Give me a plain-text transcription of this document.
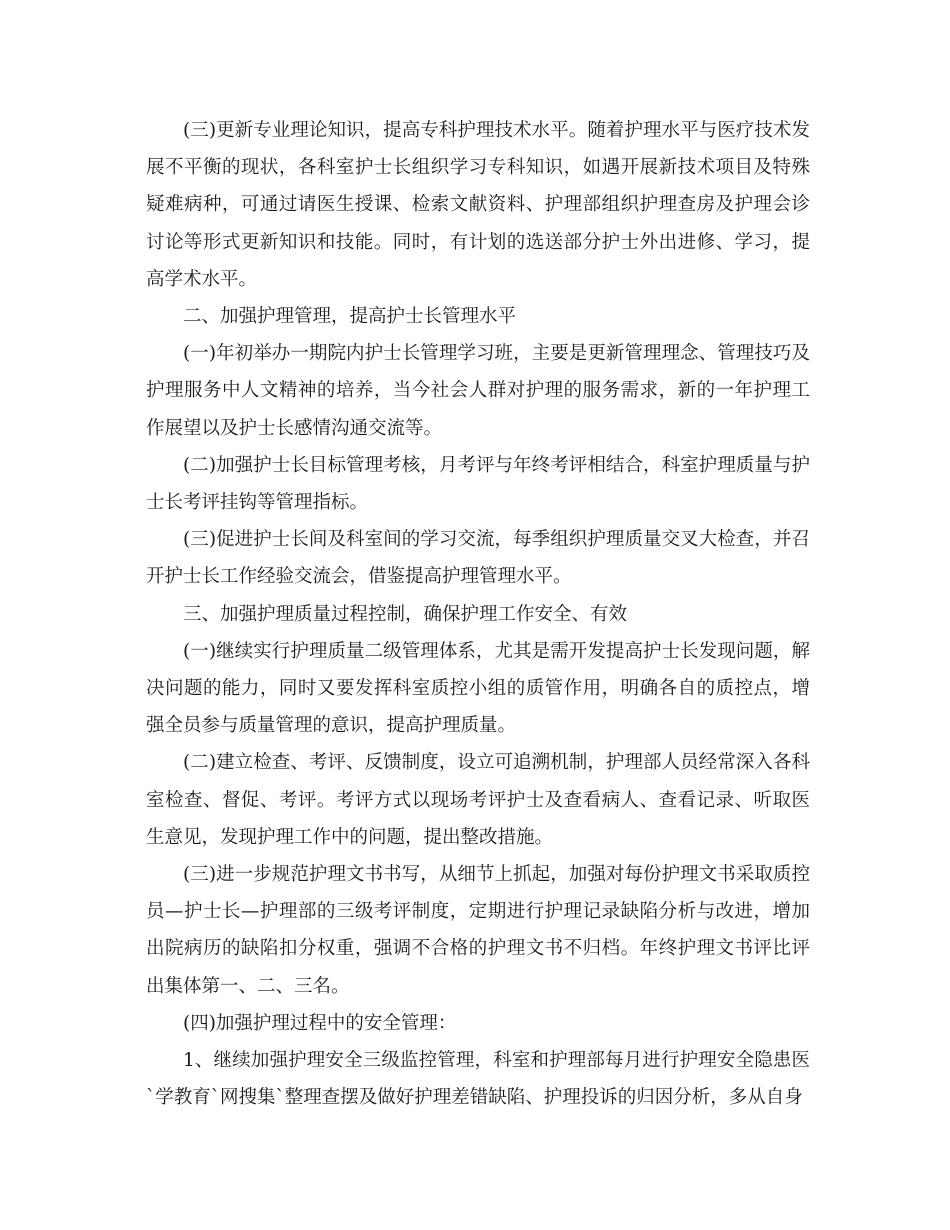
(三)更新专业理论知识，提高专科护理技术水平。随着护理水平与医疗技术发展不平衡的现状，各科室护士长组织学习专科知识，如遇开展新技术项目及特殊疑难病种，可通过请医生授课、检索文献资料、护理部组织护理查房及护理会诊讨论等形式更新知识和技能。同时，有计划的选送部分护士外出进修、学习，提高学术水平。

二、加强护理管理，提高护士长管理水平

(一)年初举办一期院内护士长管理学习班，主要是更新管理理念、管理技巧及护理服务中人文精神的培养，当今社会人群对护理的服务需求，新的一年护理工作展望以及护士长感情沟通交流等。

(二)加强护士长目标管理考核，月考评与年终考评相结合，科室护理质量与护士长考评挂钩等管理指标。

(三)促进护士长间及科室间的学习交流，每季组织护理质量交叉大检查，并召开护士长工作经验交流会，借鉴提高护理管理水平。

三、加强护理质量过程控制，确保护理工作安全、有效

(一)继续实行护理质量二级管理体系，尤其是需开发提高护士长发现问题，解决问题的能力，同时又要发挥科室质控小组的质管作用，明确各自的质控点，增强全员参与质量管理的意识，提高护理质量。

(二)建立检查、考评、反馈制度，设立可追溯机制，护理部人员经常深入各科室检查、督促、考评。考评方式以现场考评护士及查看病人、查看记录、听取医生意见，发现护理工作中的问题，提出整改措施。

(三)进一步规范护理文书书写，从细节上抓起，加强对每份护理文书采取质控员—护士长—护理部的三级考评制度，定期进行护理记录缺陷分析与改进，增加出院病历的缺陷扣分权重，强调不合格的护理文书不归档。年终护理文书评比评出集体第一、二、三名。

(四)加强护理过程中的安全管理：

1、继续加强护理安全三级监控管理，科室和护理部每月进行护理安全隐患医`学教育`网搜集`整理查摆及做好护理差错缺陷、护理投诉的归因分析，多从自身
